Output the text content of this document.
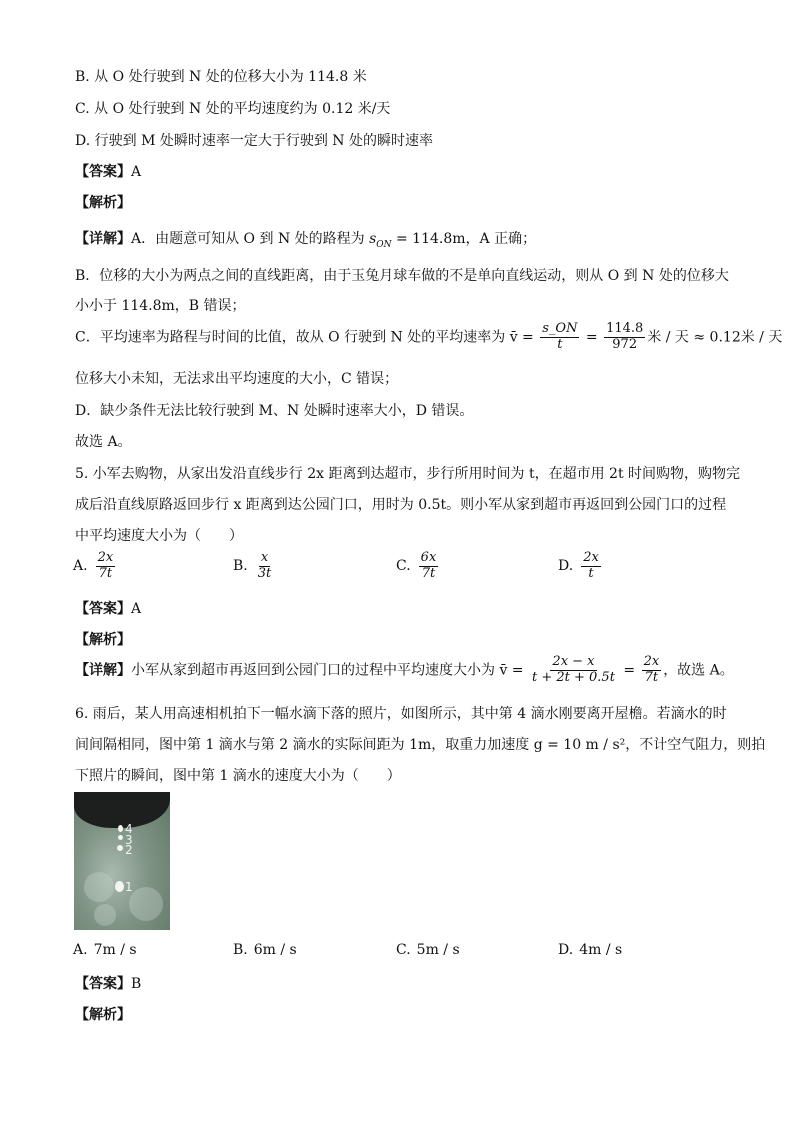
B. 从 O 处行驶到 N 处的位移大小为 114.8 米
C. 从 O 处行驶到 N 处的平均速度约为 0.12 米/天
D. 行驶到 M 处瞬时速率一定大于行驶到 N 处的瞬时速率
【答案】A
【解析】
【详解】A．由题意可知从 O 到 N 处的路程为 $s_{ON} = 114.8m$，A 正确；
B．位移的大小为两点之间的直线距离，由于玉兔月球车做的不是单向直线运动，则从 O 到 N 处的位移大
小小于 114.8m，B 错误；
C．平均速率为路程与时间的比值，故从 O 行驶到 N 处的平均速率为 v̄ = $\frac{s\_ON}{t} = \frac{114.8}{972}$ 米 / 天 ≈ 0.12米 / 天
位移大小未知，无法求出平均速度的大小，C 错误；
D．缺少条件无法比较行驶到 M、N 处瞬时速率大小，D 错误。
故选 A。
5. 小军去购物，从家出发沿直线步行 2x 距离到达超市，步行所用时间为 t，在超市用 2t 时间购物，购物完
成后沿直线原路返回步行 x 距离到达公园门口，用时为 0.5t。则小军从家到超市再返回到公园门口的过程
中平均速度大小为（　　）
A. $\frac{2x}{7t}$	B. $\frac{x}{3t}$	C. $\frac{6x}{7t}$	D. $\frac{2x}{t}$
【答案】A
【解析】
【详解】小军从家到超市再返回到公园门口的过程中平均速度大小为 v̄ = $\frac{2x - x}{t + 2t + 0.5t} = \frac{2x}{7t}$ ，故选 A。
6. 雨后，某人用高速相机拍下一幅水滴下落的照片，如图所示，其中第 4 滴水刚要离开屋檐。若滴水的时
间间隔相同，图中第 1 滴水与第 2 滴水的实际间距为 1m，取重力加速度 g = 10 m / s²，不计空气阻力，则拍
下照片的瞬间，图中第 1 滴水的速度大小为（　　）
4
3
2
1
A. 7m / s	B. 6m / s	C. 5m / s	D. 4m / s
【答案】B
【解析】
